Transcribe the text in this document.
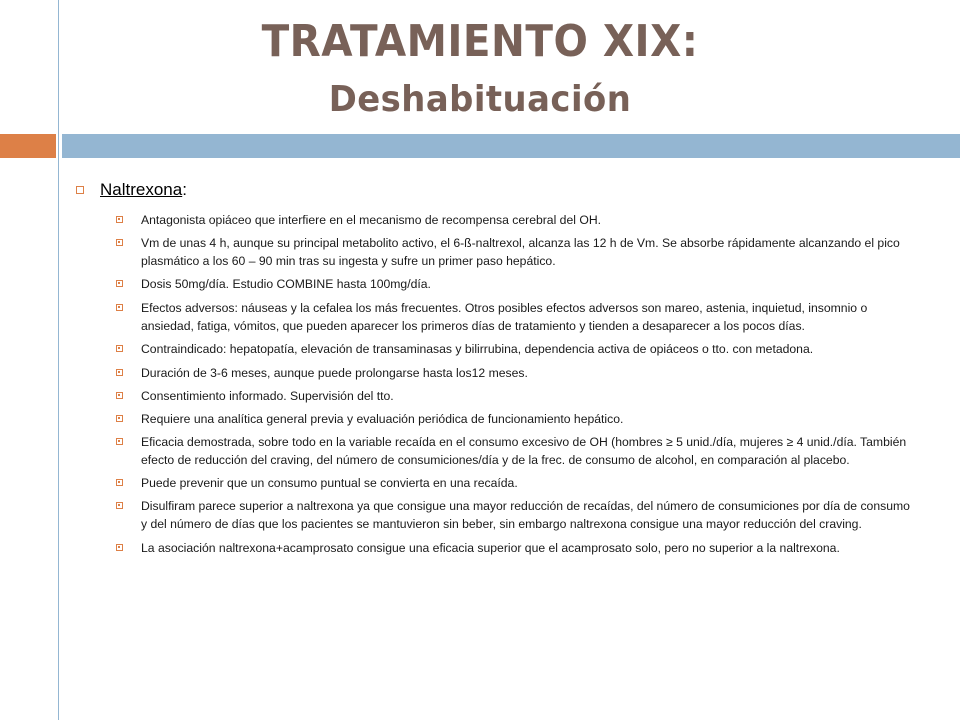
TRATAMIENTO XIX:
Deshabituación
Naltrexona :
Antagonista opiáceo que interfiere en el mecanismo de recompensa cerebral del OH.
Vm de unas 4 h, aunque su principal metabolito activo, el 6-ß-naltrexol, alcanza las 12 h de Vm. Se absorbe rápidamente alcanzando el pico plasmático a los 60 – 90 min tras su ingesta y sufre un primer paso hepático.
Dosis 50mg/día. Estudio COMBINE hasta 100mg/día.
Efectos adversos: náuseas y la cefalea los más frecuentes. Otros posibles efectos adversos son mareo, astenia, inquietud, insomnio o ansiedad, fatiga, vómitos, que pueden aparecer los primeros días de tratamiento y tienden a desaparecer a los pocos días.
Contraindicado: hepatopatía, elevación de transaminasas y bilirrubina, dependencia activa de opiáceos o tto. con metadona.
Duración de 3-6 meses, aunque puede prolongarse hasta los12 meses.
Consentimiento informado. Supervisión del tto.
Requiere una analítica general previa y evaluación periódica de funcionamiento hepático.
Eficacia demostrada, sobre todo en la variable recaída en el consumo excesivo de OH (hombres ≥ 5 unid./día, mujeres ≥ 4 unid./día. También efecto de reducción del craving, del número de consumiciones/día y de la frec. de consumo de alcohol, en comparación al placebo.
Puede prevenir que un consumo puntual se convierta en una recaída.
Disulfiram parece superior a naltrexona ya que consigue una mayor reducción de recaídas, del número de consumiciones por día de consumo y del número de días que los pacientes se mantuvieron sin beber, sin embargo naltrexona consigue una mayor reducción del craving.
La asociación naltrexona+acamprosato consigue una eficacia superior que el acamprosato solo, pero no superior a la naltrexona.
